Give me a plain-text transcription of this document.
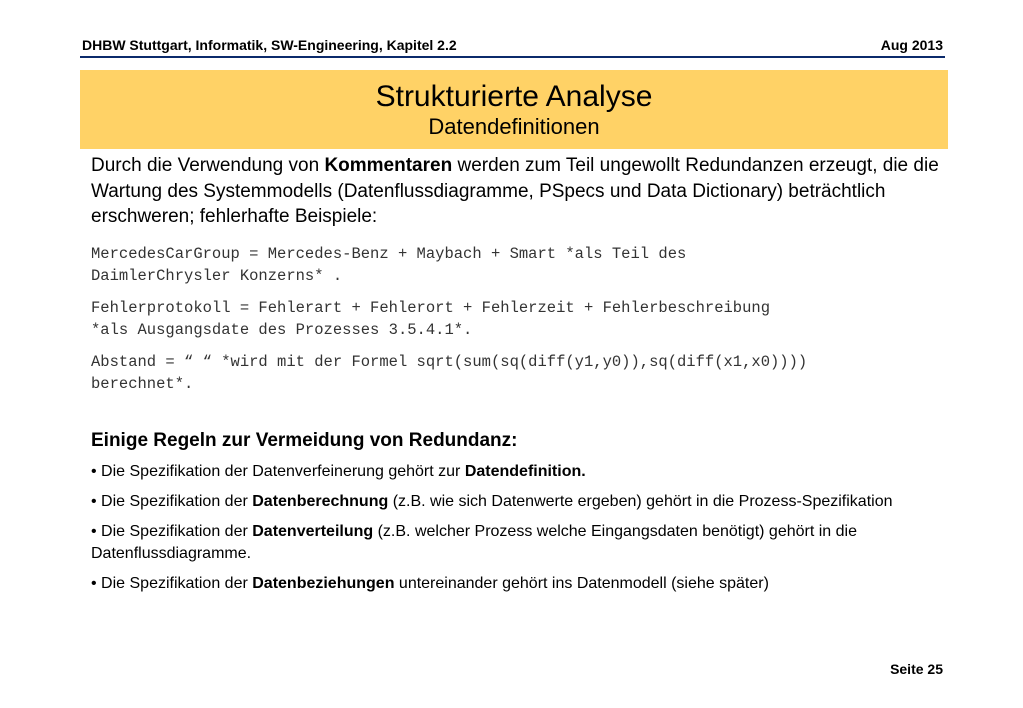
DHBW Stuttgart, Informatik, SW-Engineering, Kapitel 2.2	Aug 2013
Strukturierte Analyse
Datendefinitionen

Durch die Verwendung von Kommentaren werden zum Teil ungewollt Redundanzen erzeugt, die die Wartung des Systemmodells (Datenflussdiagramme, PSpecs und Data Dictionary) beträchtlich erschweren; fehlerhafte Beispiele:

MercedesCarGroup = Mercedes-Benz + Maybach + Smart *als Teil des
DaimlerChrysler Konzerns* .

Fehlerprotokoll = Fehlerart + Fehlerort + Fehlerzeit + Fehlerbeschreibung
*als Ausgangsdate des Prozesses 3.5.4.1*.

Abstand = “ “ *wird mit der Formel sqrt(sum(sq(diff(y1,y0)),sq(diff(x1,x0))))
berechnet*.

Einige Regeln zur Vermeidung von Redundanz:

• Die Spezifikation der Datenverfeinerung gehört zur Datendefinition.

• Die Spezifikation der Datenberechnung (z.B. wie sich Datenwerte ergeben) gehört in die Prozess-Spezifikation

• Die Spezifikation der Datenverteilung (z.B. welcher Prozess welche Eingangsdaten benötigt) gehört in die Datenflussdiagramme.

• Die Spezifikation der Datenbeziehungen untereinander gehört ins Datenmodell (siehe später)

Seite 25
